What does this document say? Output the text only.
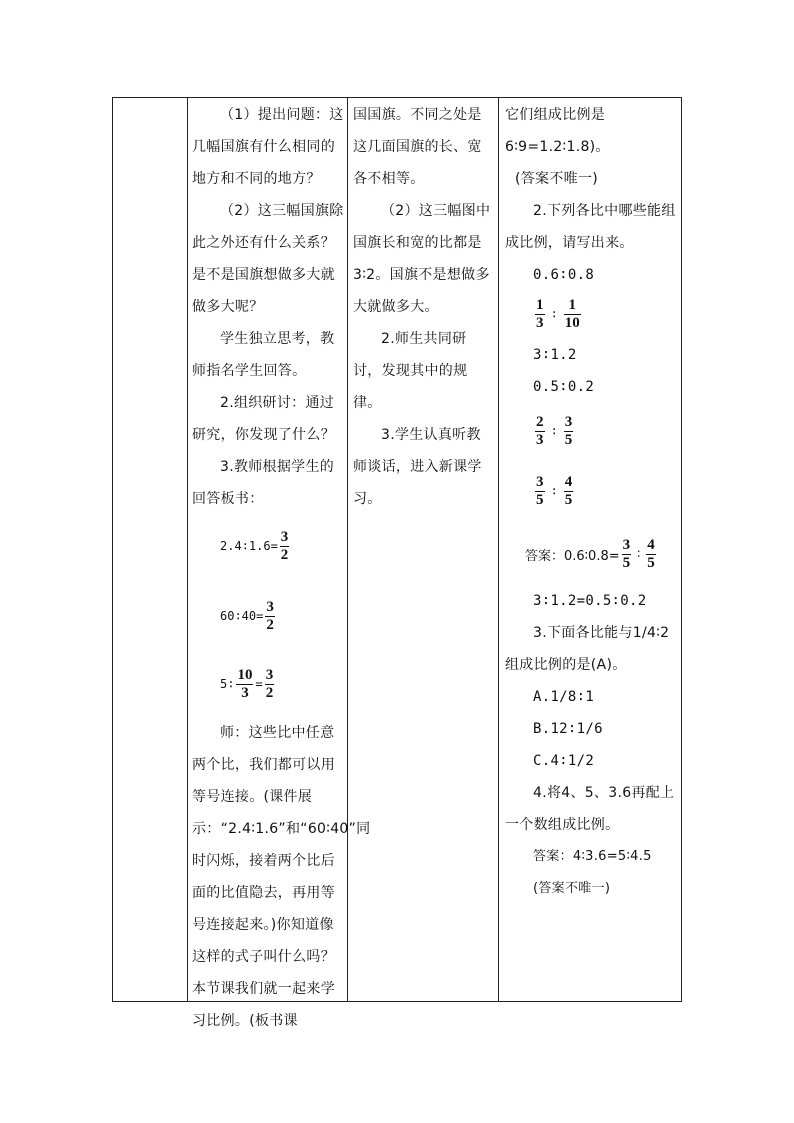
（1）提出问题：这几幅国旗有什么相同的地方和不同的地方？

（2）这三幅国旗除此之外还有什么关系？是不是国旗想做多大就做多大呢？

学生独立思考，教师指名学生回答。

2.组织研讨：通过研究，你发现了什么？

3.教师根据学生的回答板书：

2.4∶1.6= $\frac{3}{2}$
60∶40= $\frac{3}{2}$
5∶ $\frac{10}{3} = \frac{3}{2}$

师：这些比中任意两个比，我们都可以用等号连接。(课件展示：“2.4∶1.6”和“60∶40”同时闪烁，接着两个比后面的比值隐去，再用等号连接起来。)你知道像这样的式子叫什么吗？本节课我们就一起来学习比例。(板书课

国国旗。不同之处是这几面国旗的长、宽各不相等。

（2）这三幅图中国旗长和宽的比都是3∶2。国旗不是想做多大就做多大。

2.师生共同研讨，发现其中的规律。

3.学生认真听教师谈话，进入新课学习。

它们组成比例是6∶9=1.2∶1.8)。

(答案不唯一)

2.下列各比中哪些能组成比例，请写出来。

0.6∶0.8

$\frac{1}{3}$ ∶ $\frac{1}{10}$

3∶1.2

0.5∶0.2

$\frac{2}{3}$ ∶ $\frac{3}{5}$
$\frac{3}{5}$ ∶ $\frac{4}{5}$
答案：0.6∶0.8= $\frac{3}{5}$ ∶ $\frac{4}{5}$

3∶1.2=0.5∶0.2

3.下面各比能与1/4∶2组成比例的是(A)。

A.1/8∶1

B.12∶1/6

C.4∶1/2

4.将4、5、3.6再配上一个数组成比例。

答案：4∶3.6=5∶4.5

(答案不唯一)
